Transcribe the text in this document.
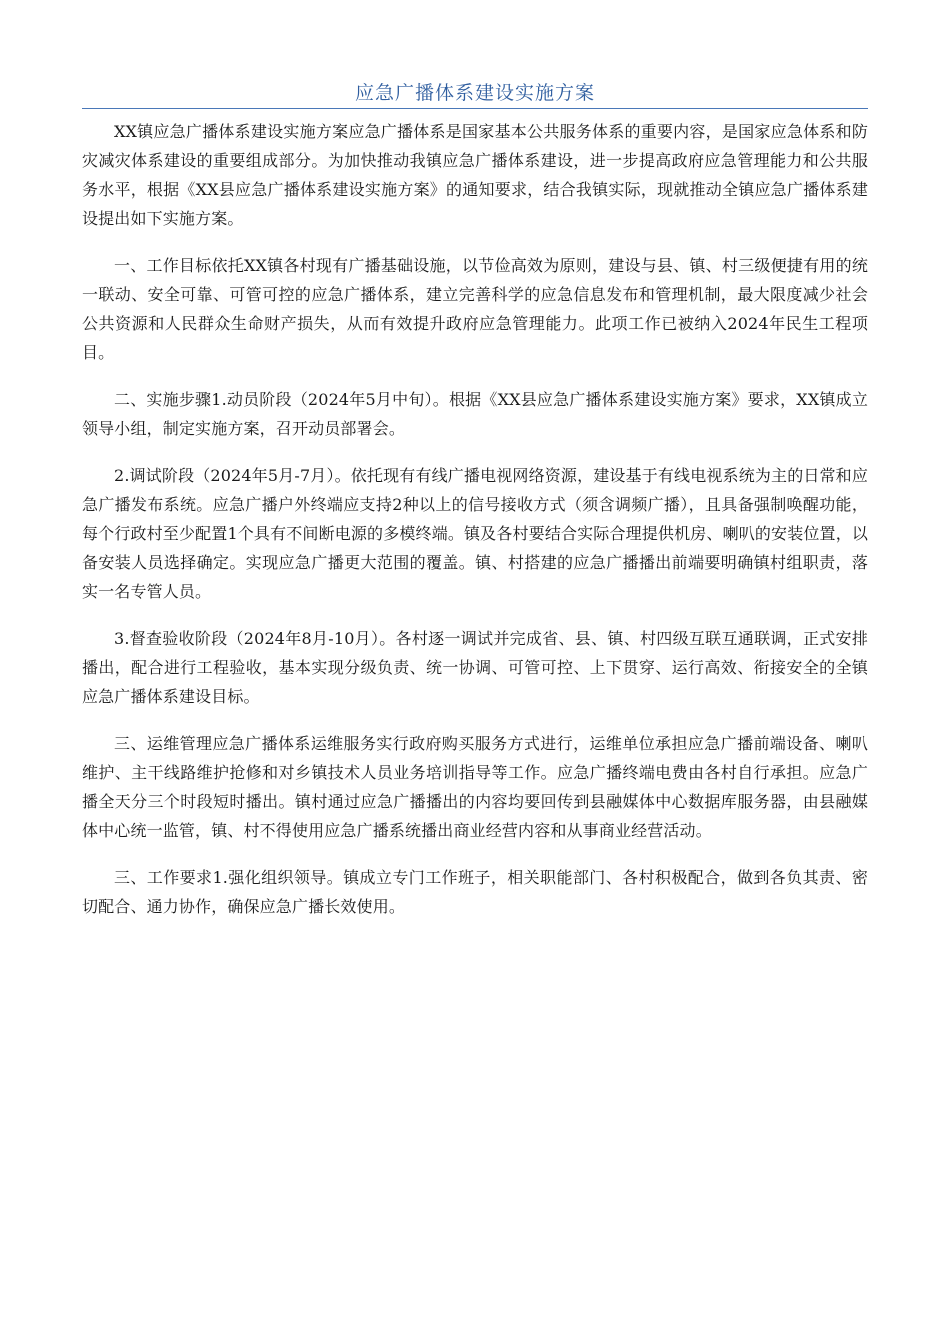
应急广播体系建设实施方案

XX镇应急广播体系建设实施方案应急广播体系是国家基本公共服务体系的重要内容，是国家应急体系和防灾减灾体系建设的重要组成部分。为加快推动我镇应急广播体系建设，进一步提高政府应急管理能力和公共服务水平，根据《XX县应急广播体系建设实施方案》的通知要求，结合我镇实际，现就推动全镇应急广播体系建设提出如下实施方案。

一、工作目标依托XX镇各村现有广播基础设施，以节俭高效为原则，建设与县、镇、村三级便捷有用的统一联动、安全可靠、可管可控的应急广播体系，建立完善科学的应急信息发布和管理机制，最大限度减少社会公共资源和人民群众生命财产损失，从而有效提升政府应急管理能力。此项工作已被纳入2024年民生工程项目。

二、实施步骤1.动员阶段（2024年5月中旬）。根据《XX县应急广播体系建设实施方案》要求，XX镇成立领导小组，制定实施方案，召开动员部署会。

2.调试阶段（2024年5月-7月）。依托现有有线广播电视网络资源，建设基于有线电视系统为主的日常和应急广播发布系统。应急广播户外终端应支持2种以上的信号接收方式（须含调频广播），且具备强制唤醒功能，每个行政村至少配置1个具有不间断电源的多模终端。镇及各村要结合实际合理提供机房、喇叭的安装位置，以备安装人员选择确定。实现应急广播更大范围的覆盖。镇、村搭建的应急广播播出前端要明确镇村组职责，落实一名专管人员。

3.督查验收阶段（2024年8月-10月）。各村逐一调试并完成省、县、镇、村四级互联互通联调，正式安排播出，配合进行工程验收，基本实现分级负责、统一协调、可管可控、上下贯穿、运行高效、衔接安全的全镇应急广播体系建设目标。

三、运维管理应急广播体系运维服务实行政府购买服务方式进行，运维单位承担应急广播前端设备、喇叭维护、主干线路维护抢修和对乡镇技术人员业务培训指导等工作。应急广播终端电费由各村自行承担。应急广播全天分三个时段短时播出。镇村通过应急广播播出的内容均要回传到县融媒体中心数据库服务器，由县融媒体中心统一监管，镇、村不得使用应急广播系统播出商业经营内容和从事商业经营活动。

三、工作要求1.强化组织领导。镇成立专门工作班子，相关职能部门、各村积极配合，做到各负其责、密切配合、通力协作，确保应急广播长效使用。
